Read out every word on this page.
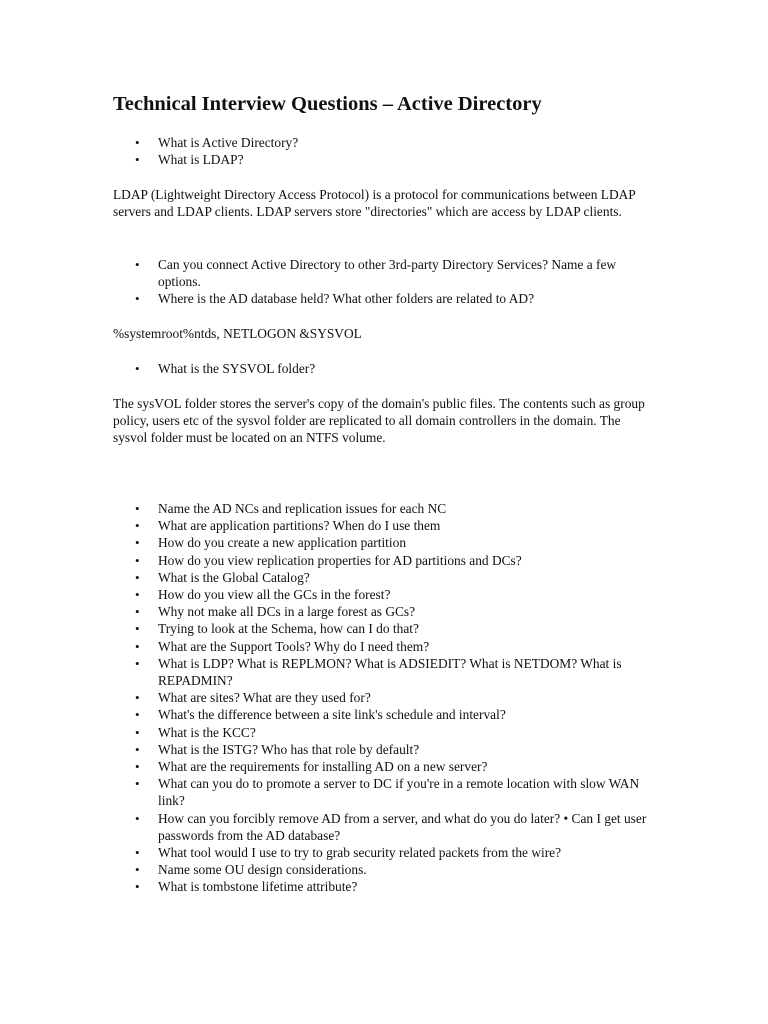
Technical Interview Questions – Active Directory
• What is Active Directory?
• What is LDAP?

LDAP (Lightweight Directory Access Protocol) is a protocol for communications between LDAP servers and LDAP clients. LDAP servers store "directories" which are access by LDAP clients.

• Can you connect Active Directory to other 3rd-party Directory Services? Name a few options.
• Where is the AD database held? What other folders are related to AD?

%systemroot%ntds, NETLOGON &SYSVOL

• What is the SYSVOL folder?

The sysVOL folder stores the server's copy of the domain's public files. The contents such as group policy, users etc of the sysvol folder are replicated to all domain controllers in the domain. The sysvol folder must be located on an NTFS volume.

• Name the AD NCs and replication issues for each NC
• What are application partitions? When do I use them
• How do you create a new application partition
• How do you view replication properties for AD partitions and DCs?
• What is the Global Catalog?
• How do you view all the GCs in the forest?
• Why not make all DCs in a large forest as GCs?
• Trying to look at the Schema, how can I do that?
• What are the Support Tools? Why do I need them?
• What is LDP? What is REPLMON? What is ADSIEDIT? What is NETDOM? What is REPADMIN?
• What are sites? What are they used for?
• What's the difference between a site link's schedule and interval?
• What is the KCC?
• What is the ISTG? Who has that role by default?
• What are the requirements for installing AD on a new server?
• What can you do to promote a server to DC if you're in a remote location with slow WAN link?
• How can you forcibly remove AD from a server, and what do you do later? • Can I get user passwords from the AD database?
• What tool would I use to try to grab security related packets from the wire?
• Name some OU design considerations.
• What is tombstone lifetime attribute?
